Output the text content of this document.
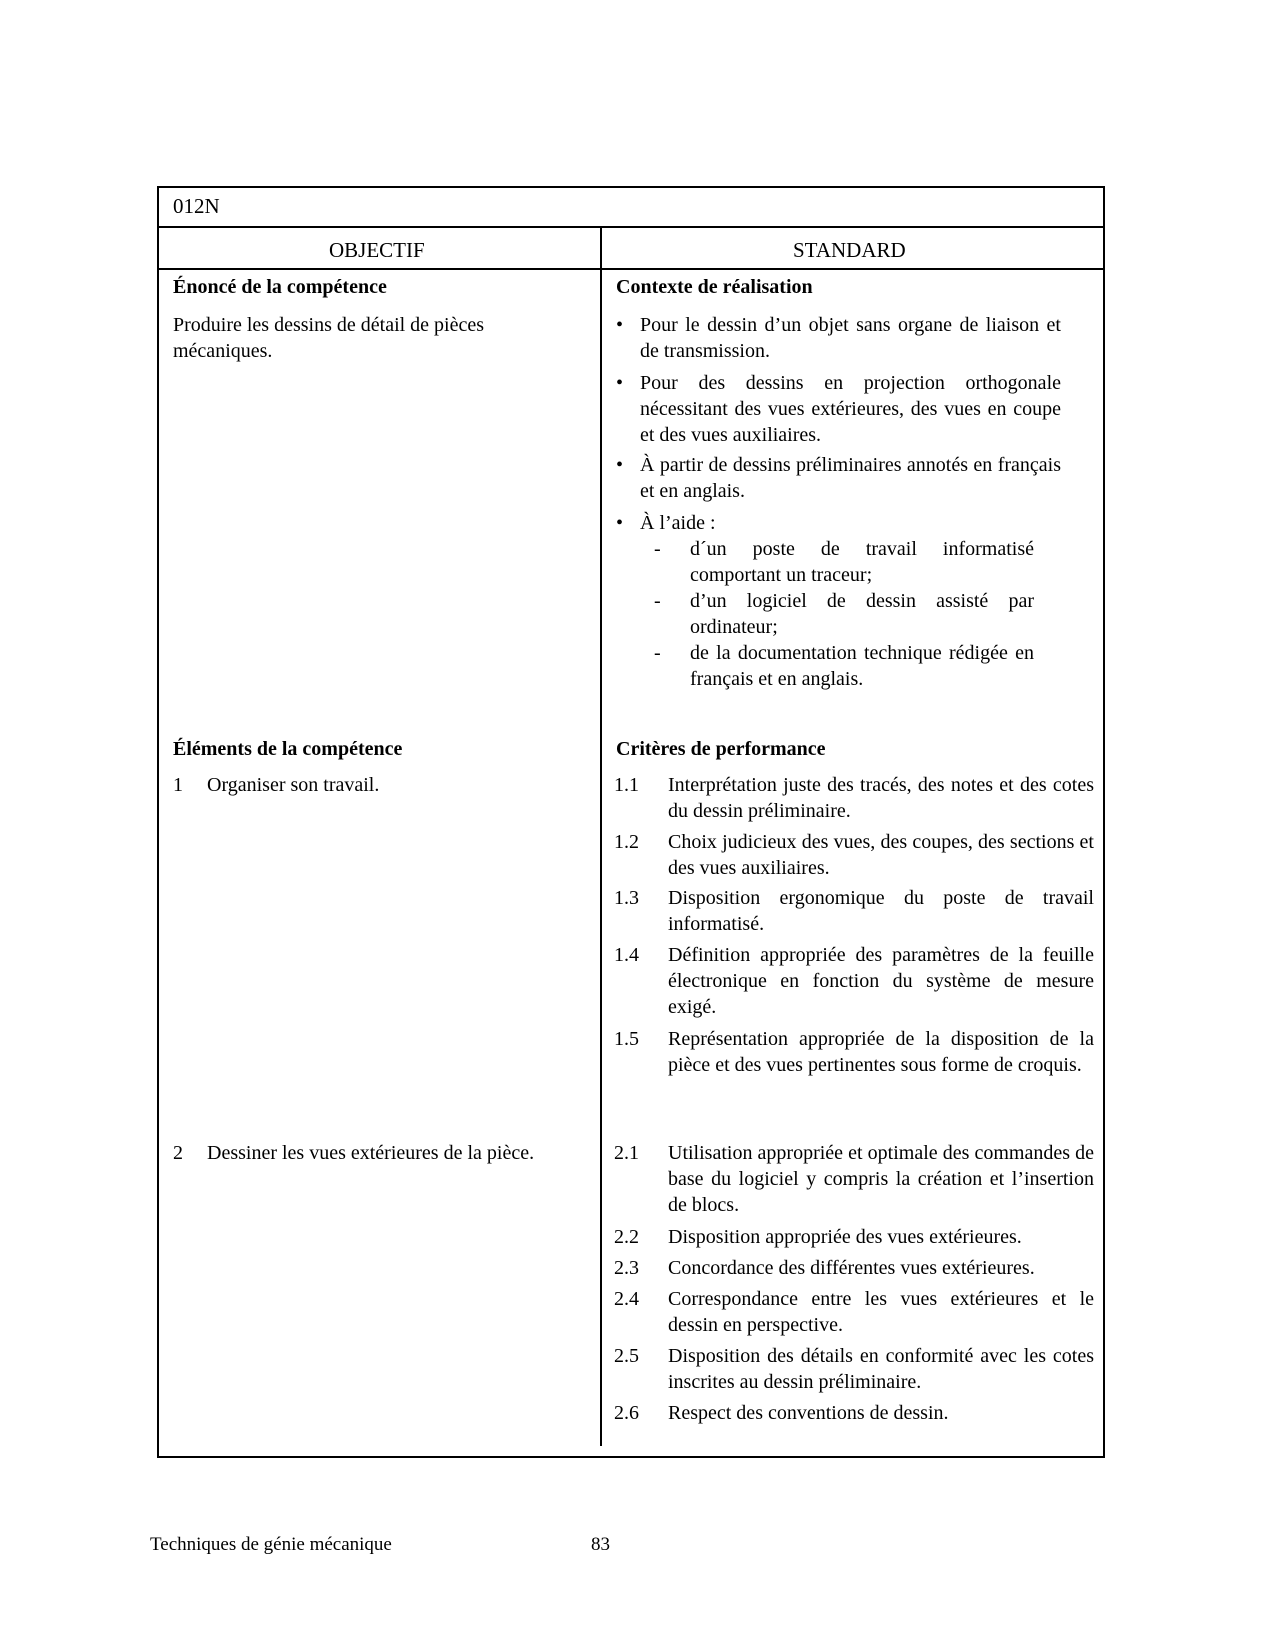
012N
OBJECTIF	STANDARD
Énoncé de la compétence
Produire les dessins de détail de pièces mécaniques.
Contexte de réalisation
• Pour le dessin d’un objet sans organe de liaison et de transmission.
• Pour des dessins en projection orthogonale nécessitant des vues extérieures, des vues en coupe et des vues auxiliaires.
• À partir de dessins préliminaires annotés en français et en anglais.
• À l’aide :
- d´un poste de travail informatisé comportant un traceur;
- d’un logiciel de dessin assisté par ordinateur;
- de la documentation technique rédigée en français et en anglais.
Éléments de la compétence
1 Organiser son travail.
2 Dessiner les vues extérieures de la pièce.
Critères de performance
1.1 Interprétation juste des tracés, des notes et des cotes du dessin préliminaire.
1.2 Choix judicieux des vues, des coupes, des sections et des vues auxiliaires.
1.3 Disposition ergonomique du poste de travail informatisé.
1.4 Définition appropriée des paramètres de la feuille électronique en fonction du système de mesure exigé.
1.5 Représentation appropriée de la disposition de la pièce et des vues pertinentes sous forme de croquis.
2.1 Utilisation appropriée et optimale des commandes de base du logiciel y compris la création et l’insertion de blocs.
2.2 Disposition appropriée des vues extérieures.
2.3 Concordance des différentes vues extérieures.
2.4 Correspondance entre les vues extérieures et le dessin en perspective.
2.5 Disposition des détails en conformité avec les cotes inscrites au dessin préliminaire.
2.6 Respect des conventions de dessin.
Techniques de génie mécanique	83
